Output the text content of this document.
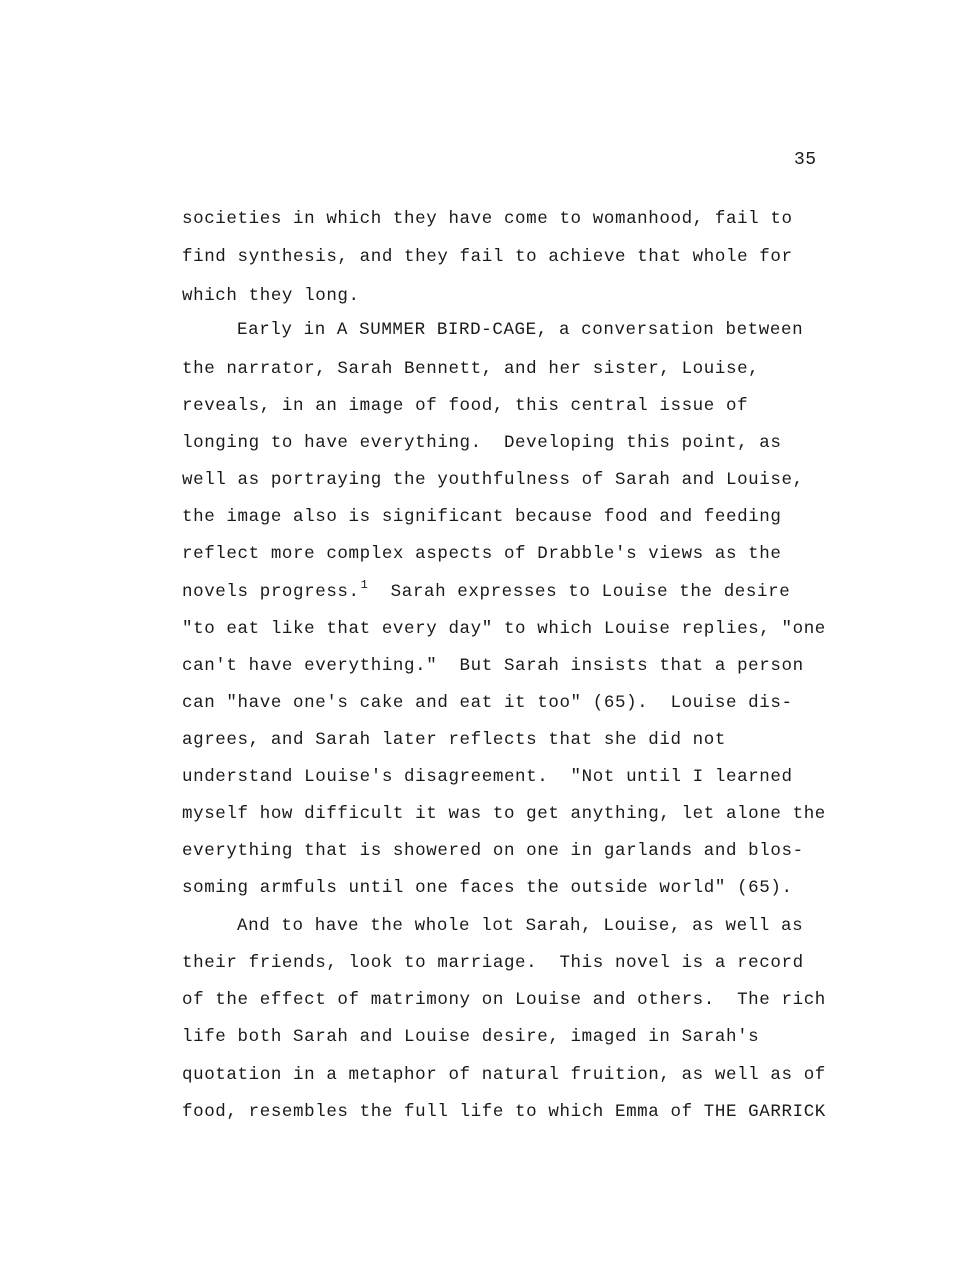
35
societies in which they have come to womanhood, fail to
find synthesis, and they fail to achieve that whole for
which they long.
Early in A SUMMER BIRD-CAGE, a conversation between
the narrator, Sarah Bennett, and her sister, Louise,
reveals, in an image of food, this central issue of
longing to have everything.  Developing this point, as
well as portraying the youthfulness of Sarah and Louise,
the image also is significant because food and feeding
reflect more complex aspects of Drabble's views as the
novels progress.$^1$  Sarah expresses to Louise the desire
"to eat like that every day" to which Louise replies, "one
can't have everything."  But Sarah insists that a person
can "have one's cake and eat it too" (65).  Louise dis-
agrees, and Sarah later reflects that she did not
understand Louise's disagreement.  "Not until I learned
myself how difficult it was to get anything, let alone the
everything that is showered on one in garlands and blos-
soming armfuls until one faces the outside world" (65).
And to have the whole lot Sarah, Louise, as well as
their friends, look to marriage.  This novel is a record
of the effect of matrimony on Louise and others.  The rich
life both Sarah and Louise desire, imaged in Sarah's
quotation in a metaphor of natural fruition, as well as of
food, resembles the full life to which Emma of THE GARRICK
